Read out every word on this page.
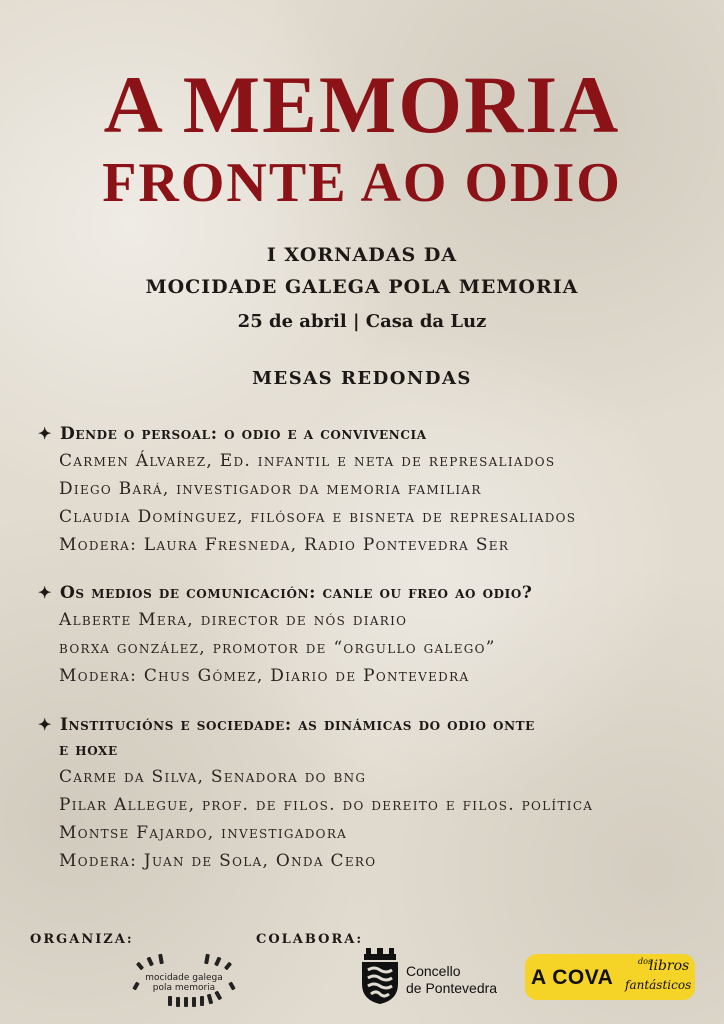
A MEMORIA
FRONTE AO ODIO
I XORNADAS DA
MOCIDADE GALEGA POLA MEMORIA
25 de abril | Casa da Luz
MESAS REDONDAS
✦ Dende o persoal: o odio e a convivencia
Carmen Álvarez, Ed. infantil e neta de represaliados
Diego Bará, investigador da memoria familiar
Claudia Domínguez, filósofa e bisneta de represaliados
Modera: Laura Fresneda, Radio Pontevedra Ser
✦ Os medios de comunicación: canle ou freo ao odio?
Alberte Mera, director de nós diario
borxa gonzález, promotor de “orgullo galego”
Modera: Chus Gómez, Diario de Pontevedra
✦ Institucións e sociedade: as dinámicas do odio onte
e hoxe
Carme da Silva, Senadora do bng
Pilar Allegue, prof. de filos. do dereito e filos. política
Montse Fajardo, investigadora
Modera: Juan de Sola, Onda Cero
ORGANIZA:	COLABORA:
mocidade galega
pola memoria
Concello
de Pontevedra A COVA
dos
libros
fantásticos
